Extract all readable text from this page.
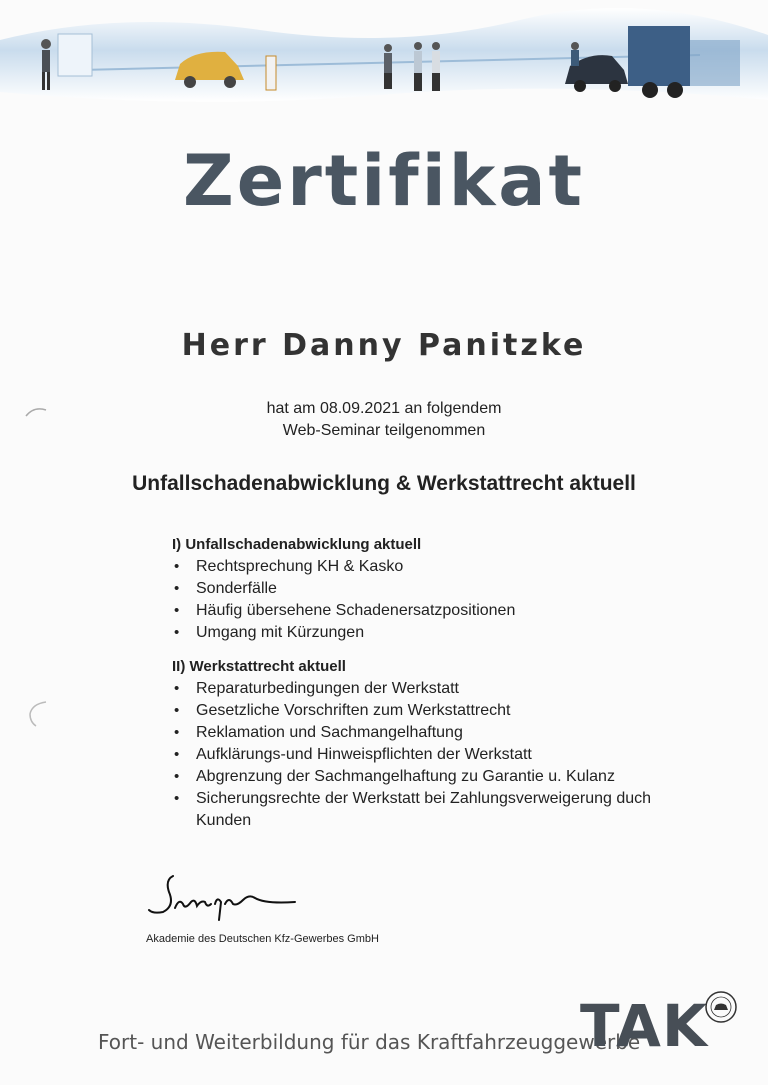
Zertifikat
Herr Danny Panitzke
hat am 08.09.2021 an folgendem
Web-Seminar teilgenommen
Unfallschadenabwicklung & Werkstattrecht aktuell
I) Unfallschadenabwicklung aktuell
• Rechtsprechung KH & Kasko
• Sonderfälle
• Häufig übersehene Schadenersatzpositionen
• Umgang mit Kürzungen
II) Werkstattrecht aktuell
• Reparaturbedingungen der Werkstatt
• Gesetzliche Vorschriften zum Werkstattrecht
• Reklamation und Sachmangelhaftung
• Aufklärungs-und Hinweispflichten der Werkstatt
• Abgrenzung der Sachmangelhaftung zu Garantie u. Kulanz
• Sicherungsrechte der Werkstatt bei Zahlungsverweigerung duch Kunden
Akademie des Deutschen Kfz-Gewerbes GmbH
Fort- und Weiterbildung für das Kraftfahrzeuggewerbe
TAK
